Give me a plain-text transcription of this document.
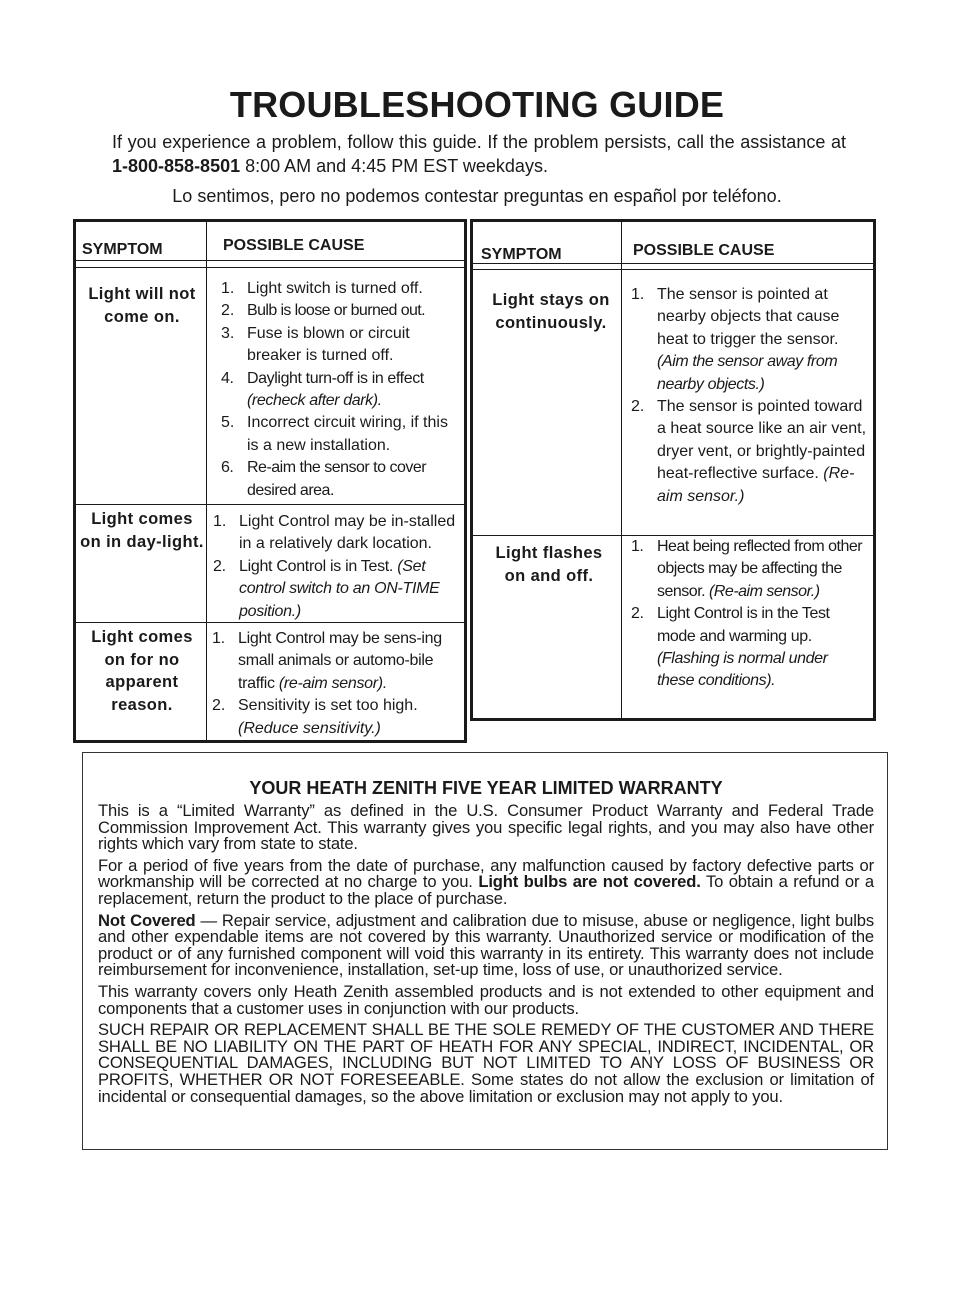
TROUBLESHOOTING GUIDE

If you experience a problem, follow this guide. If the problem persists, call the assistance at 1-800-858-8501 8:00 AM and 4:45 PM EST weekdays.

Lo sentimos, pero no podemos contestar preguntas en español por teléfono.

SYMPTOM	POSSIBLE CAUSE
Light will not come on.
1. Light switch is turned off.
2. Bulb is loose or burned out.
3. Fuse is blown or circuit breaker is turned off.
4. Daylight turn-off is in effect (recheck after dark).
5. Incorrect circuit wiring, if this is a new installation.
6. Re-aim the sensor to cover desired area.
Light comes on in day-light.
1. Light Control may be in-stalled in a relatively dark location.
2. Light Control is in Test. (Set control switch to an ON-TIME position.)
Light comes on for no apparent reason.
1. Light Control may be sens-ing small animals or automo-bile traffic (re-aim sensor).
2. Sensitivity is set too high. (Reduce sensitivity.)
SYMPTOM	POSSIBLE CAUSE
Light stays on continuously.
1. The sensor is pointed at nearby objects that cause heat to trigger the sensor. (Aim the sensor away from nearby objects.)
2. The sensor is pointed toward a heat source like an air vent, dryer vent, or brightly-painted heat-reflective surface. (Re-aim sensor.)
Light flashes on and off.
1. Heat being reflected from other objects may be affecting the sensor. (Re-aim sensor.)
2. Light Control is in the Test mode and warming up. (Flashing is normal under these conditions).
YOUR HEATH ZENITH FIVE YEAR LIMITED WARRANTY

This is a “Limited Warranty” as defined in the U.S. Consumer Product Warranty and Federal Trade Commission Improvement Act. This warranty gives you specific legal rights, and you may also have other rights which vary from state to state.

For a period of five years from the date of purchase, any malfunction caused by factory defective parts or workmanship will be corrected at no charge to you. Light bulbs are not covered. To obtain a refund or a replacement, return the product to the place of purchase.

Not Covered — Repair service, adjustment and calibration due to misuse, abuse or negligence, light bulbs and other expendable items are not covered by this warranty. Unauthorized service or modification of the product or of any furnished component will void this warranty in its entirety. This warranty does not include reimbursement for inconvenience, installation, set-up time, loss of use, or unauthorized service.

This warranty covers only Heath Zenith assembled products and is not extended to other equipment and components that a customer uses in conjunction with our products.

SUCH REPAIR OR REPLACEMENT SHALL BE THE SOLE REMEDY OF THE CUSTOMER AND THERE SHALL BE NO LIABILITY ON THE PART OF HEATH FOR ANY SPECIAL, INDIRECT, INCIDENTAL, OR CONSEQUENTIAL DAMAGES, INCLUDING BUT NOT LIMITED TO ANY LOSS OF BUSINESS OR PROFITS, WHETHER OR NOT FORESEEABLE. Some states do not allow the exclusion or limitation of incidental or consequential damages, so the above limitation or exclusion may not apply to you.
